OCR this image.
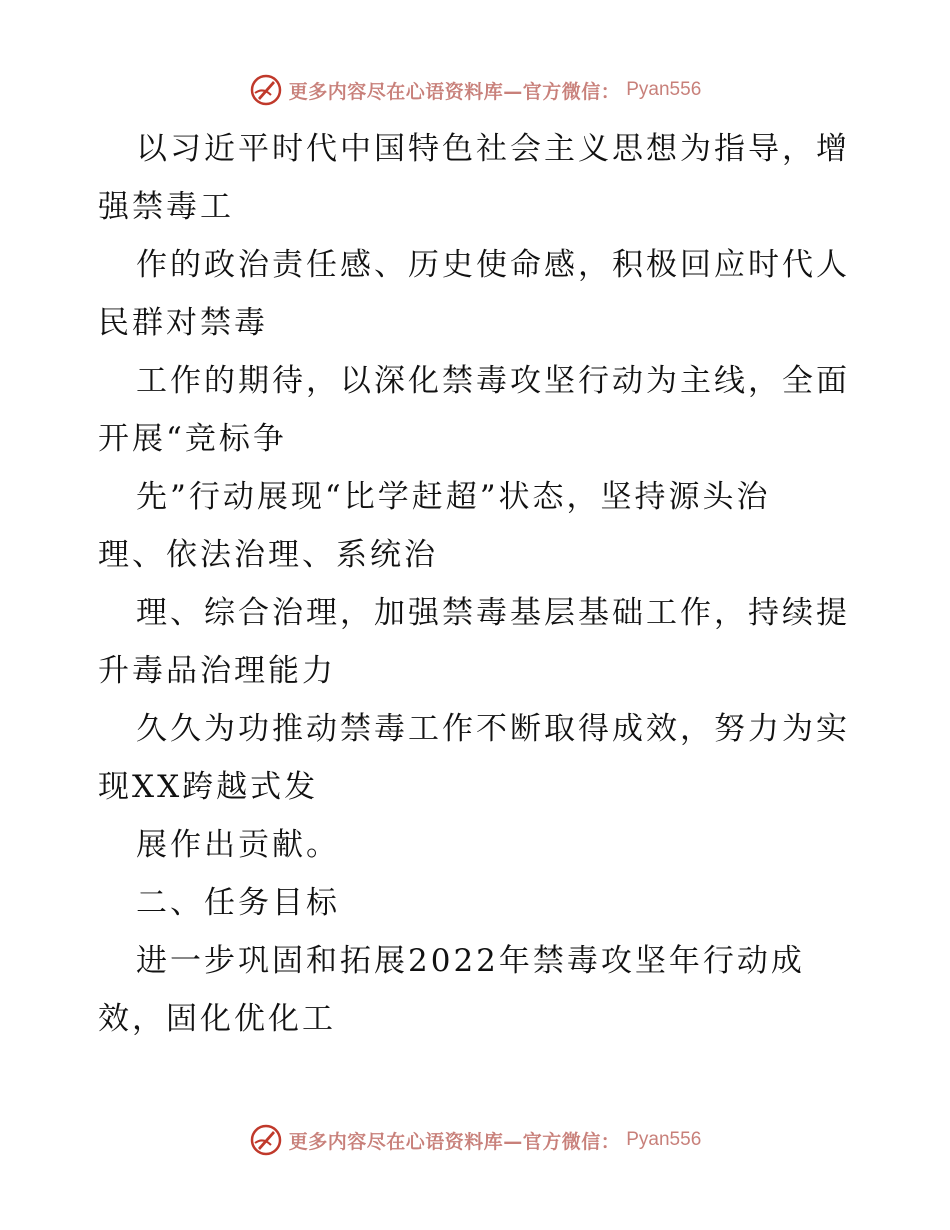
更多内容尽在心语资料库—官方微信： Pyan556
以习近平时代中国特色社会主义思想为指导，增
强禁毒工
作的政治责任感、历史使命感，积极回应时代人
民群对禁毒
工作的期待，以深化禁毒攻坚行动为主线，全面
开展“竞标争
先”行动展现“比学赶超”状态，坚持源头治
理、依法治理、系统治
理、综合治理，加强禁毒基层基础工作，持续提
升毒品治理能力
久久为功推动禁毒工作不断取得成效，努力为实
现XX跨越式发
展作出贡献。
二、任务目标
进一步巩固和拓展2022年禁毒攻坚年行动成
效，固化优化工
更多内容尽在心语资料库—官方微信： Pyan556
